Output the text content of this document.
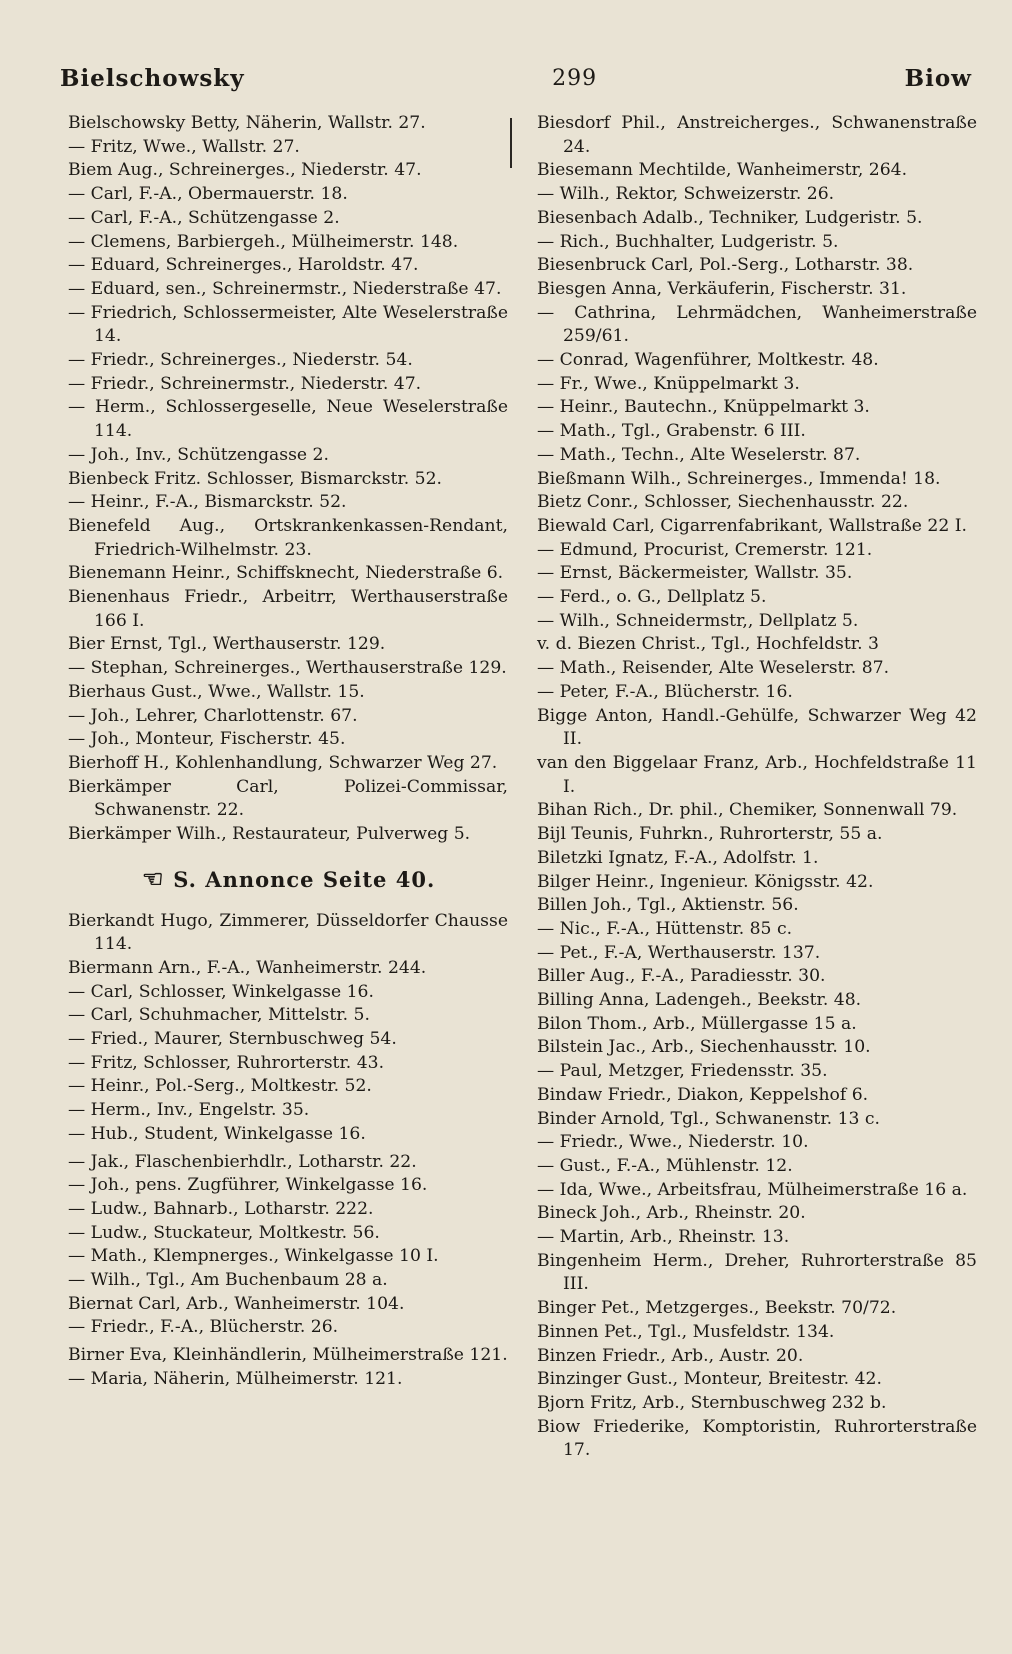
Bielschowsky	299	Biow

Bielschowsky Betty, Näherin, Wallstr. 27.

— Fritz, Wwe., Wallstr. 27.

Biem Aug., Schreinerges., Niederstr. 47.

— Carl, F.-A., Obermauerstr. 18.

— Carl, F.-A., Schützengasse 2.

— Clemens, Barbiergeh., Mülheimerstr. 148.

— Eduard, Schreinerges., Haroldstr. 47.

— Eduard, sen., Schreinermstr., Niederstraße 47.

— Friedrich, Schlossermeister, Alte Weselerstraße 14.

— Friedr., Schreinerges., Niederstr. 54.

— Friedr., Schreinermstr., Niederstr. 47.

— Herm., Schlossergeselle, Neue Weselerstraße 114.

— Joh., Inv., Schützengasse 2.

Bienbeck Fritz. Schlosser, Bismarckstr. 52.

— Heinr., F.-A., Bismarckstr. 52.

Bienefeld Aug., Ortskrankenkassen-Rendant, Friedrich-Wilhelmstr. 23.

Bienemann Heinr., Schiffsknecht, Niederstraße 6.

Bienenhaus Friedr., Arbeitrr, Werthauserstraße 166 I.

Bier Ernst, Tgl., Werthauserstr. 129.

— Stephan, Schreinerges., Werthauserstraße 129.

Bierhaus Gust., Wwe., Wallstr. 15.

— Joh., Lehrer, Charlottenstr. 67.

— Joh., Monteur, Fischerstr. 45.

Bierhoff H., Kohlenhandlung, Schwarzer Weg 27.

Bierkämper Carl, Polizei-Commissar, Schwanenstr. 22.

Bierkämper Wilh., Restaurateur, Pulverweg 5.

☞ S. Annonce Seite 40.

Bierkandt Hugo, Zimmerer, Düsseldorfer Chausse 114.

Biermann Arn., F.-A., Wanheimerstr. 244.

— Carl, Schlosser, Winkelgasse 16.

— Carl, Schuhmacher, Mittelstr. 5.

— Fried., Maurer, Sternbuschweg 54.

— Fritz, Schlosser, Ruhrorterstr. 43.

— Heinr., Pol.-Serg., Moltkestr. 52.

— Herm., Inv., Engelstr. 35.

— Hub., Student, Winkelgasse 16.

— Jak., Flaschenbierhdlr., Lotharstr. 22.

— Joh., pens. Zugführer, Winkelgasse 16.

— Ludw., Bahnarb., Lotharstr. 222.

— Ludw., Stuckateur, Moltkestr. 56.

— Math., Klempnerges., Winkelgasse 10 I.

— Wilh., Tgl., Am Buchenbaum 28 a.

Biernat Carl, Arb., Wanheimerstr. 104.

— Friedr., F.-A., Blücherstr. 26.

Birner Eva, Kleinhändlerin, Mülheimerstraße 121.

— Maria, Näherin, Mülheimerstr. 121.

Biesdorf Phil., Anstreicherges., Schwanenstraße 24.

Biesemann Mechtilde, Wanheimerstr, 264.

— Wilh., Rektor, Schweizerstr. 26.

Biesenbach Adalb., Techniker, Ludgeristr. 5.

— Rich., Buchhalter, Ludgeristr. 5.

Biesenbruck Carl, Pol.-Serg., Lotharstr. 38.

Biesgen Anna, Verkäuferin, Fischerstr. 31.

— Cathrina, Lehrmädchen, Wanheimerstraße 259/61.

— Conrad, Wagenführer, Moltkestr. 48.

— Fr., Wwe., Knüppelmarkt 3.

— Heinr., Bautechn., Knüppelmarkt 3.

— Math., Tgl., Grabenstr. 6 III.

— Math., Techn., Alte Weselerstr. 87.

Bießmann Wilh., Schreinerges., Immenda! 18.

Bietz Conr., Schlosser, Siechenhausstr. 22.

Biewald Carl, Cigarrenfabrikant, Wallstraße 22 I.

— Edmund, Procurist, Cremerstr. 121.

— Ernst, Bäckermeister, Wallstr. 35.

— Ferd., o. G., Dellplatz 5.

— Wilh., Schneidermstr,, Dellplatz 5.

v. d. Biezen Christ., Tgl., Hochfeldstr. 3

— Math., Reisender, Alte Weselerstr. 87.

— Peter, F.-A., Blücherstr. 16.

Bigge Anton, Handl.-Gehülfe, Schwarzer Weg 42 II.

van den Biggelaar Franz, Arb., Hochfeldstraße 11 I.

Bihan Rich., Dr. phil., Chemiker, Sonnenwall 79.

Bijl Teunis, Fuhrkn., Ruhrorterstr, 55 a.

Biletzki Ignatz, F.-A., Adolfstr. 1.

Bilger Heinr., Ingenieur. Königsstr. 42.

Billen Joh., Tgl., Aktienstr. 56.

— Nic., F.-A., Hüttenstr. 85 c.

— Pet., F.-A, Werthauserstr. 137.

Biller Aug., F.-A., Paradiesstr. 30.

Billing Anna, Ladengeh., Beekstr. 48.

Bilon Thom., Arb., Müllergasse 15 a.

Bilstein Jac., Arb., Siechenhausstr. 10.

— Paul, Metzger, Friedensstr. 35.

Bindaw Friedr., Diakon, Keppelshof 6.

Binder Arnold, Tgl., Schwanenstr. 13 c.

— Friedr., Wwe., Niederstr. 10.

— Gust., F.-A., Mühlenstr. 12.

— Ida, Wwe., Arbeitsfrau, Mülheimerstraße 16 a.

Bineck Joh., Arb., Rheinstr. 20.

— Martin, Arb., Rheinstr. 13.

Bingenheim Herm., Dreher, Ruhrorterstraße 85 III.

Binger Pet., Metzgerges., Beekstr. 70/72.

Binnen Pet., Tgl., Musfeldstr. 134.

Binzen Friedr., Arb., Austr. 20.

Binzinger Gust., Monteur, Breitestr. 42.

Bjorn Fritz, Arb., Sternbuschweg 232 b.

Biow Friederike, Komptoristin, Ruhrorterstraße 17.
